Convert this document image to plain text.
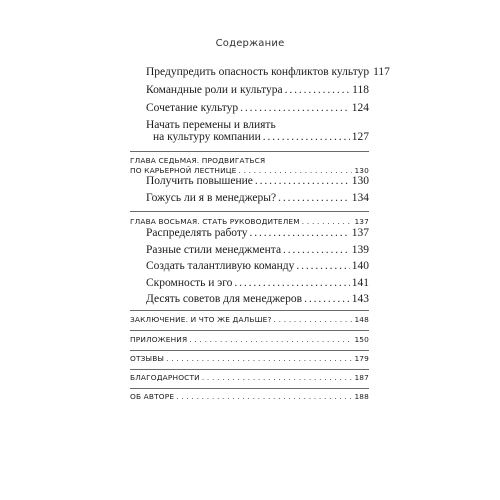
Содержание
Предупредить опасность конфликтов культур 117
Командные роли и культура . . .	118
Сочетание культур . . .	124
Начать перемены и влиять
на культуру компании . . .	127
ГЛАВА СЕДЬМАЯ. ПРОДВИГАТЬСЯ
ПО КАРЬЕРНОЙ ЛЕСТНИЦЕ . . .	130
Получить повышение . . .	130
Гожусь ли я в менеджеры? . . .	134
ГЛАВА ВОСЬМАЯ. СТАТЬ РУКОВОДИТЕЛЕМ . . .	137
Распределять работу . . .	137
Разные стили менеджмента . . .	139
Создать талантливую команду . . .	140
Скромность и эго . . .	141
Десять советов для менеджеров . . .	143
ЗАКЛЮЧЕНИЕ. И ЧТО ЖЕ ДАЛЬШЕ? . . .	148
ПРИЛОЖЕНИЯ . . .	150
ОТЗЫВЫ . . .	179
БЛАГОДАРНОСТИ . . .	187
ОБ АВТОРЕ . . .	188
